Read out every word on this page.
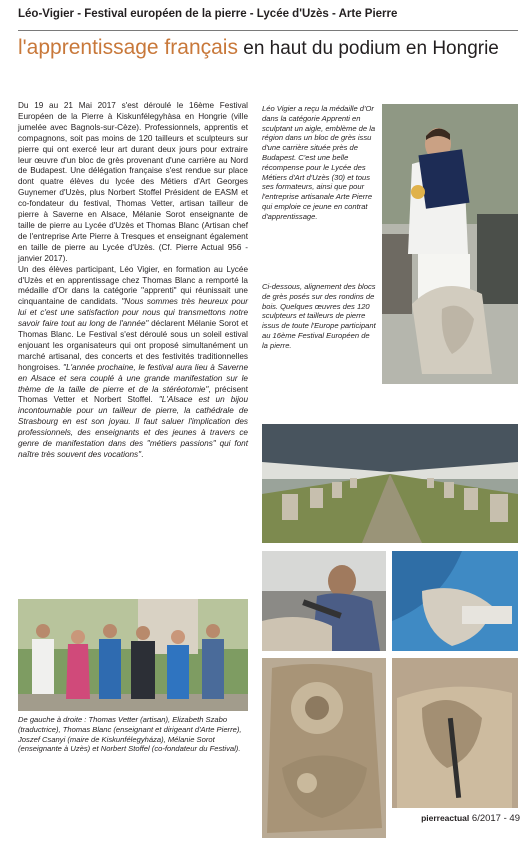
Léo-Vigier - Festival européen de la pierre - Lycée d'Uzès - Arte Pierre
l'apprentissage français en haut du podium en Hongrie

Du 19 au 21 Mai 2017 s'est déroulé le 16ème Festival Européen de la Pierre à Kiskunfélegyhàsa en Hongrie (ville jumelée avec Bagnols-sur-Cèze). Professionnels, apprentis et compagnons, soit pas moins de 120 tailleurs et sculpteurs sur pierre qui ont exercé leur art durant deux jours pour extraire leur œuvre d'un bloc de grès provenant d'une carrière au Nord de Budapest. Une délégation française s'est rendue sur place dont quatre élèves du lycée des Métiers d'Art Georges Guynemer d'Uzès, plus Norbert Stoffel Président de EASM et co-fondateur du festival, Thomas Vetter, artisan tailleur de pierre à Saverne en Alsace, Mélanie Sorot enseignante de taille de pierre au Lycée d'Uzès et Thomas Blanc (Artisan chef de l'entreprise Arte Pierre à Tresques et enseignant également en taille de pierre au Lycée d'Uzès. (Cf. Pierre Actual 956 - janvier 2017).

Un des élèves participant, Léo Vigier, en formation au Lycée d'Uzès et en apprentissage chez Thomas Blanc a remporté la médaille d'Or dans la catégorie "apprenti" qui réunissait une cinquantaine de candidats. "Nous sommes très heureux pour lui et c'est une satisfaction pour nous qui transmettons notre savoir faire tout au long de l'année" déclarent Mélanie Sorot et Thomas Blanc. Le Festival s'est déroulé sous un soleil estival enjouant les organisateurs qui ont proposé simultanément un marché artisanal, des concerts et des festivités traditionnelles hongroises. "L'année prochaine, le festival aura lieu à Saverne en Alsace et sera couplé à une grande manifestation sur le thème de la taille de pierre et de la stéréotomie", précisent Thomas Vetter et Norbert Stoffel. "L'Alsace est un bijou incontournable pour un tailleur de pierre, la cathédrale de Strasbourg en est son joyau. Il faut saluer l'implication des professionnels, des enseignants et des jeunes à travers ce genre de manifestation dans des "métiers passions" qui font naître très souvent des vocations".

Léo Vigier a reçu la médaille d'Or dans la catégorie Apprenti en sculptant un aigle, emblème de la région dans un bloc de grès issu d'une carrière située près de Budapest. C'est une belle récompense pour le Lycée des Métiers d'Art d'Uzès (30) et tous ses formateurs, ainsi que pour l'entreprise artisanale Arte Pierre qui emploie ce jeune en contrat d'apprentissage.
Ci-dessous, alignement des blocs de grès posés sur des rondins de bois. Quelques œuvres des 120 sculpteurs et tailleurs de pierre issus de toute l'Europe participant au 16ème Festival Européen de la pierre.
De gauche à droite : Thomas Vetter (artisan), Elizabeth Szabo (traductrice), Thomas Blanc (enseignant et dirigeant d'Arte Pierre), Joszef Csanyi (maire de Kiskunfélegyháza), Mélanie Sorot (enseignante à Uzès) et Norbert Stoffel (co-fondateur du Festival).
pierreactual 6/2017 - 49
